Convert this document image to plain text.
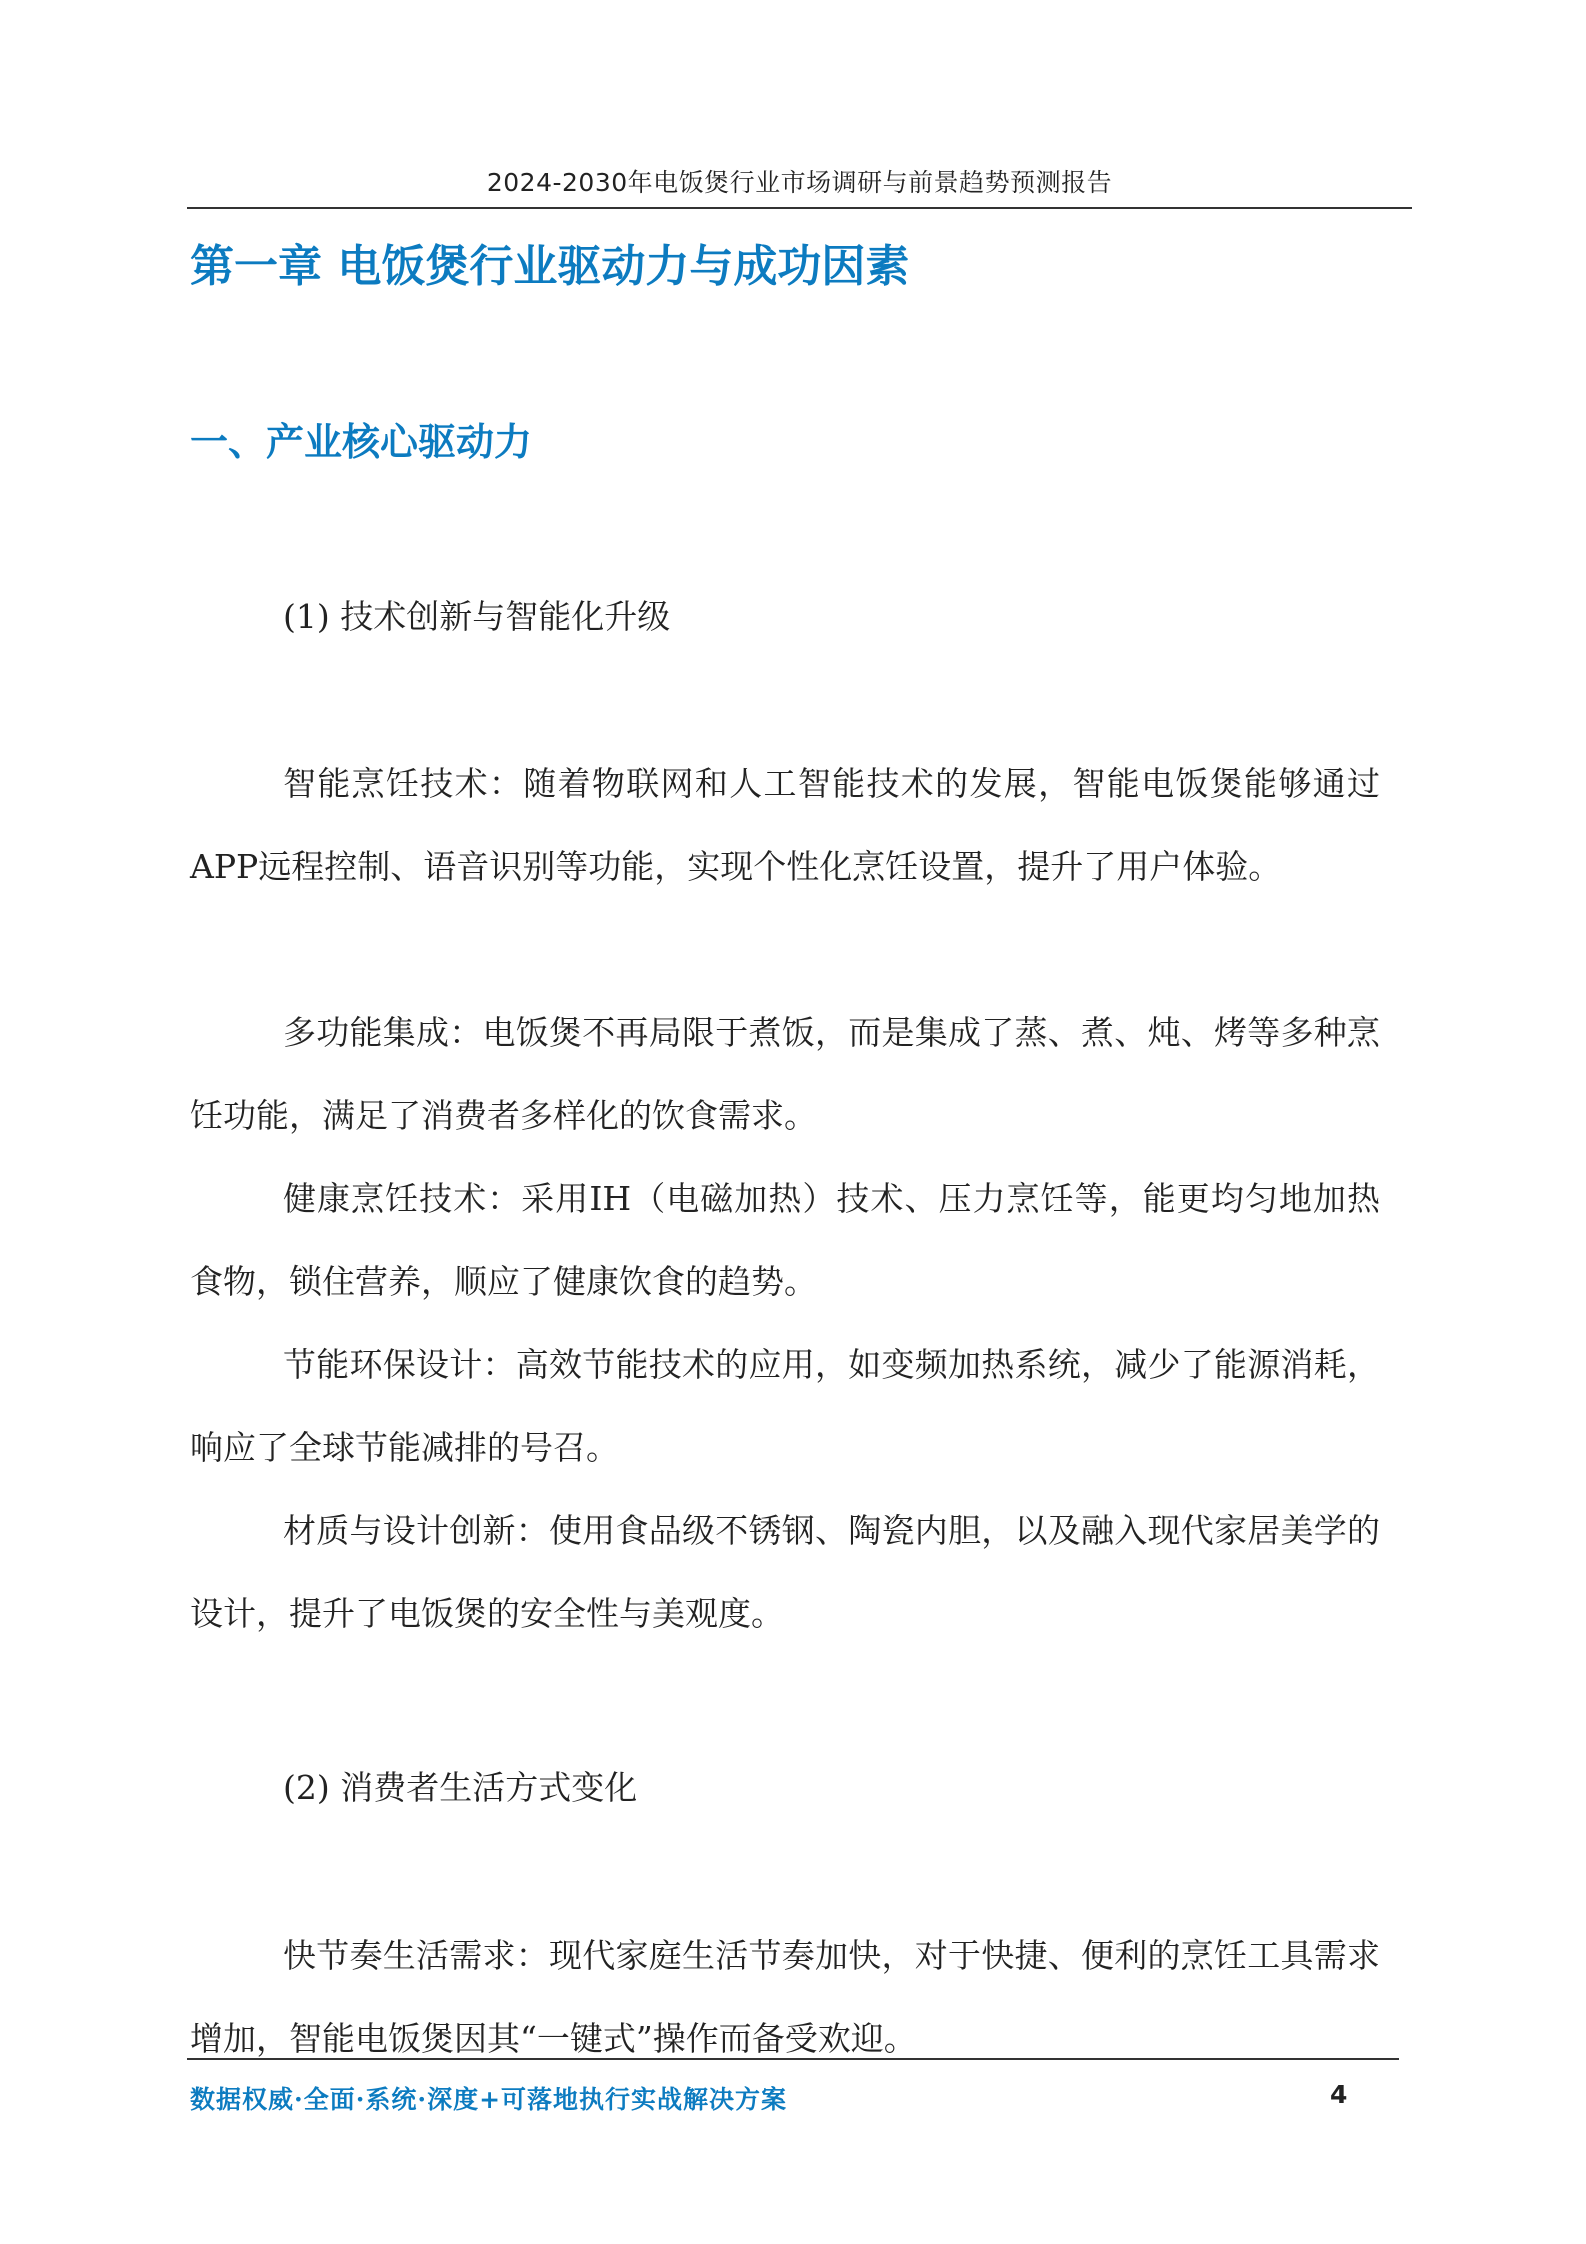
2024-2030年电饭煲行业市场调研与前景趋势预测报告
第一章 电饭煲行业驱动力与成功因素
一、产业核心驱动力
(1) 技术创新与智能化升级
智能烹饪技术：随着物联网和人工智能技术的发展，智能电饭煲能够通过APP远程控制、语音识别等功能，实现个性化烹饪设置，提升了用户体验。
多功能集成：电饭煲不再局限于煮饭，而是集成了蒸、煮、炖、烤等多种烹饪功能，满足了消费者多样化的饮食需求。
健康烹饪技术：采用IH（电磁加热）技术、压力烹饪等，能更均匀地加热食物，锁住营养，顺应了健康饮食的趋势。
节能环保设计：高效节能技术的应用，如变频加热系统，减少了能源消耗，响应了全球节能减排的号召。
材质与设计创新：使用食品级不锈钢、陶瓷内胆，以及融入现代家居美学的设计，提升了电饭煲的安全性与美观度。
(2) 消费者生活方式变化
快节奏生活需求：现代家庭生活节奏加快，对于快捷、便利的烹饪工具需求增加，智能电饭煲因其“一键式”操作而备受欢迎。
数据权威·全面·系统·深度+可落地执行实战解决方案	4
